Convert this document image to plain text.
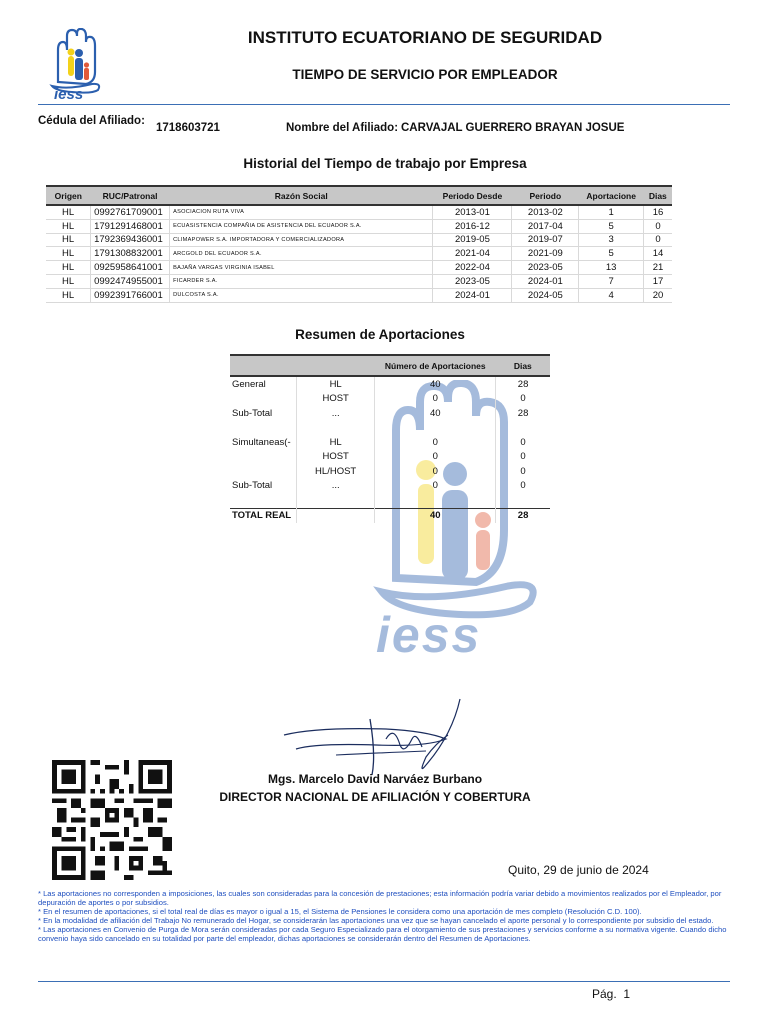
iess
INSTITUTO ECUATORIANO DE SEGURIDAD
TIEMPO DE SERVICIO POR EMPLEADOR
Cédula del Afiliado:
1718603721	Nombre del Afiliado: CARVAJAL GUERRERO BRAYAN JOSUE
Historial del Tiempo de trabajo por Empresa
Origen	RUC/Patronal	Razón Social	Periodo Desde	Periodo	Aportacione	Dias
HL	0992761709001	ASOCIACION RUTA VIVA	2013-01	2013-02	1	16
HL	1791291468001	ECUASISTENCIA COMPAÑIA DE ASISTENCIA DEL ECUADOR S.A.	2016-12	2017-04	5	0
HL	1792369436001	CLIMAPOWER S.A. IMPORTADORA Y COMERCIALIZADORA	2019-05	2019-07	3	0
HL	1791308832001	ARCGOLD DEL ECUADOR S.A.	2021-04	2021-09	5	14
HL	0925958641001	BAJAÑA VARGAS VIRGINIA ISABEL	2022-04	2023-05	13	21
HL	0992474955001	FICARDER S.A.	2023-05	2024-01	7	17
HL	0992391766001	DULCOSTA S.A.	2024-01	2024-05	4	20
iess
Resumen de Aportaciones
		Número de Aportaciones	Dias
General	HL	40	28
	HOST	0	0
Sub-Total	...	40	28

Simultaneas(-	HL	0	0
	HOST	0	0
	HL/HOST	0	0
Sub-Total	...	0	0

TOTAL REAL		40	28
Mgs. Marcelo David Narváez Burbano
DIRECTOR NACIONAL DE AFILIACIÓN Y COBERTURA
Quito, 29 de junio de 2024

* Las aportaciones no corresponden a imposiciones, las cuales son consideradas para la concesión de prestaciones; esta información podría variar debido a movimientos realizados por el Empleador, por depuración de aportes o por subsidios.

* En el resumen de aportaciones, si el total real de días es mayor o igual a 15, el Sistema de Pensiones le considera como una aportación de mes completo (Resolución C.D. 100).

* En la modalidad de afiliación del Trabajo No remunerado del Hogar, se considerarán las aportaciones una vez que se hayan cancelado el aporte personal y lo correspondiente por subsidio del estado.

* Las aportaciones en Convenio de Purga de Mora serán consideradas por cada Seguro Especializado para el otorgamiento de sus prestaciones y servicios conforme a su normativa vigente. Cuando dicho convenio haya sido cancelado en su totalidad por parte del empleador, dichas aportaciones se considerarán dentro del Resumen de Aportaciones.

Pág.  1
